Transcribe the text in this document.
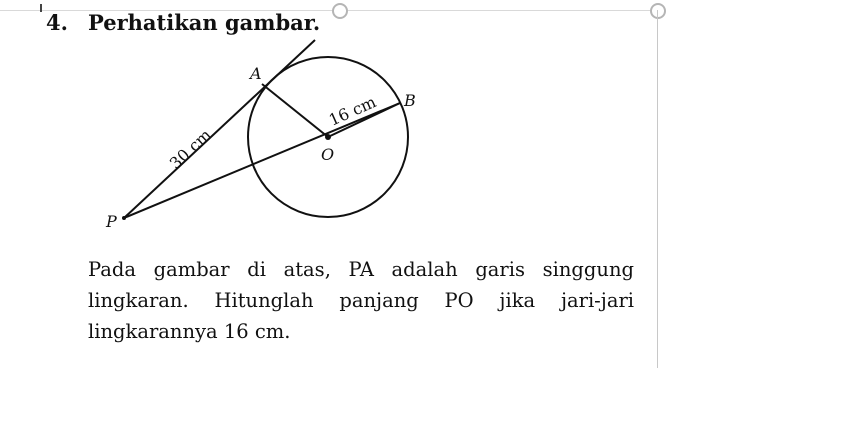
4. Perhatikan gambar.
A
B
O
P
30 cm
16 cm
Pada gambar di atas, PA adalah garis singgung lingkaran. Hitunglah panjang PO jika jari-jari lingkarannya 16 cm.
